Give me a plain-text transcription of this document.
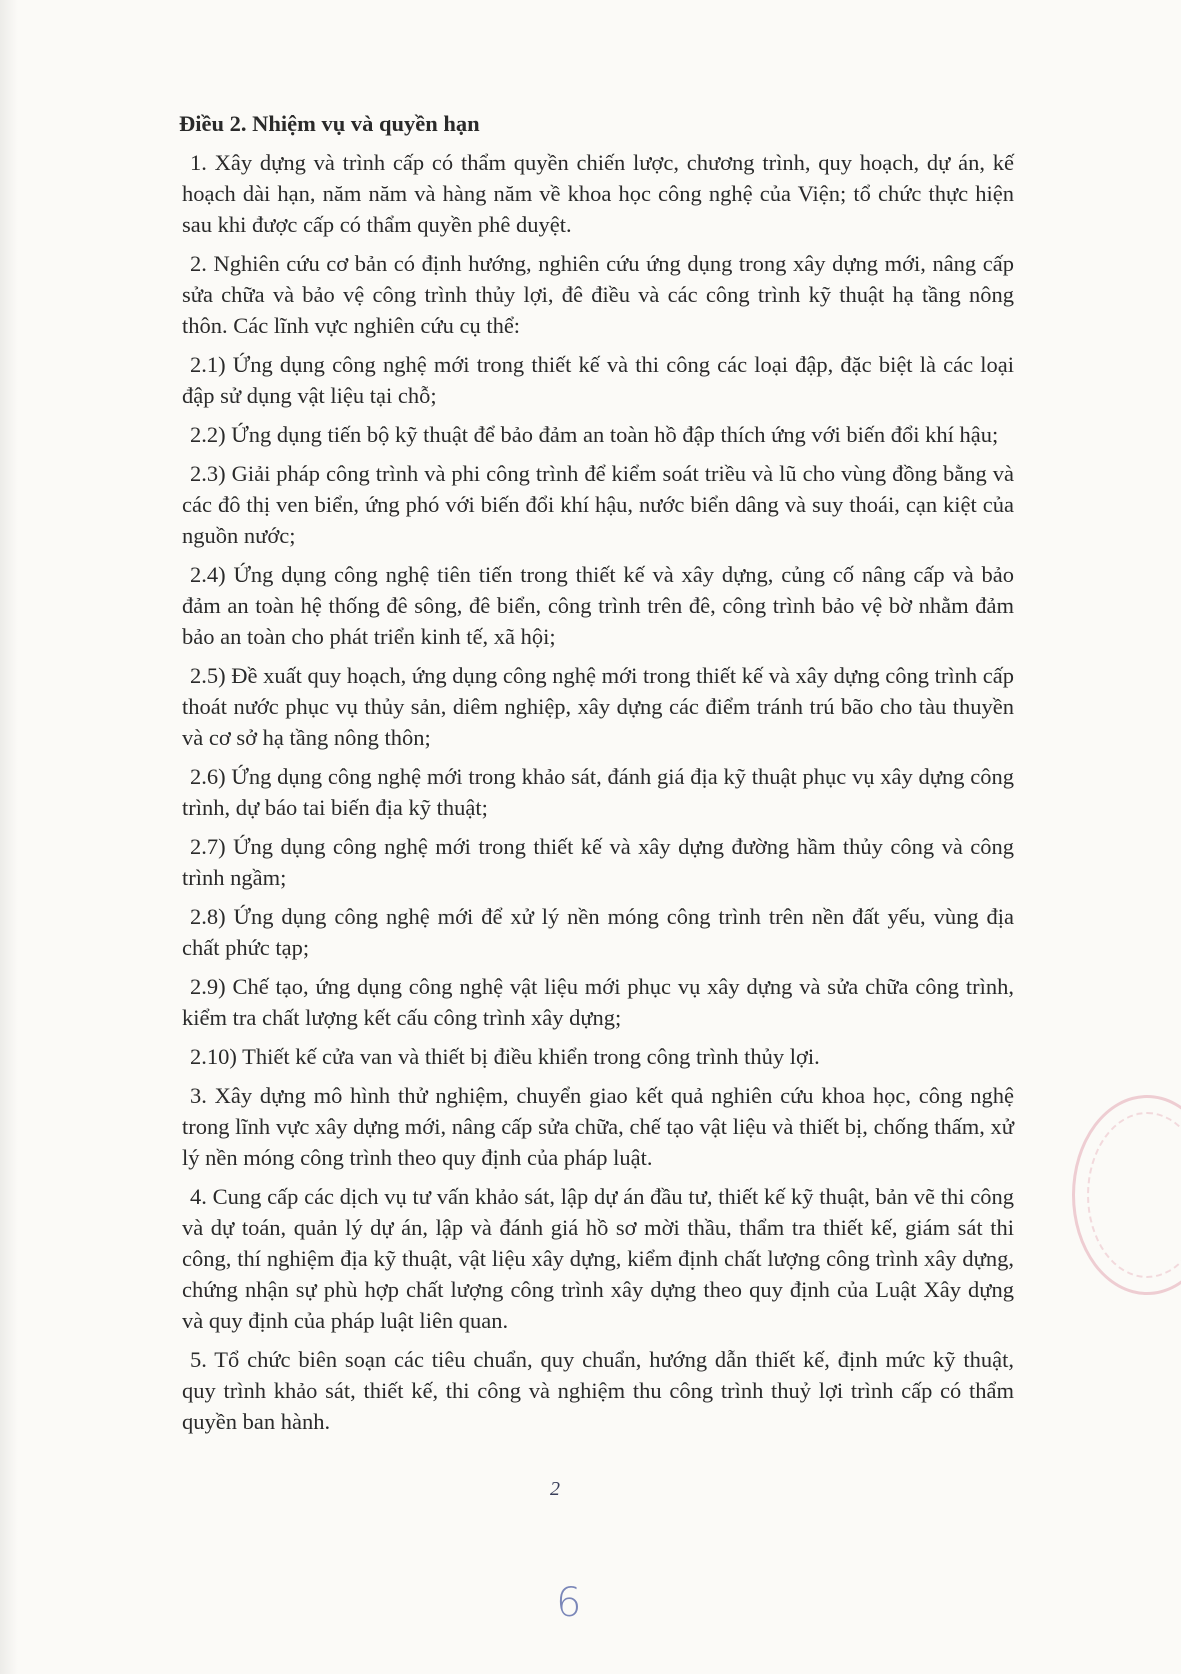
Điều 2. Nhiệm vụ và quyền hạn

1. Xây dựng và trình cấp có thẩm quyền chiến lược, chương trình, quy hoạch, dự án, kế hoạch dài hạn, năm năm và hàng năm về khoa học công nghệ của Viện; tổ chức thực hiện sau khi được cấp có thẩm quyền phê duyệt.

2. Nghiên cứu cơ bản có định hướng, nghiên cứu ứng dụng trong xây dựng mới, nâng cấp sửa chữa và bảo vệ công trình thủy lợi, đê điều và các công trình kỹ thuật hạ tầng nông thôn. Các lĩnh vực nghiên cứu cụ thể:

2.1) Ứng dụng công nghệ mới trong thiết kế và thi công các loại đập, đặc biệt là các loại đập sử dụng vật liệu tại chỗ;

2.2) Ứng dụng tiến bộ kỹ thuật để bảo đảm an toàn hồ đập thích ứng với biến đổi khí hậu;

2.3) Giải pháp công trình và phi công trình để kiểm soát triều và lũ cho vùng đồng bằng và các đô thị ven biển, ứng phó với biến đổi khí hậu, nước biển dâng và suy thoái, cạn kiệt của nguồn nước;

2.4) Ứng dụng công nghệ tiên tiến trong thiết kế và xây dựng, củng cố nâng cấp và bảo đảm an toàn hệ thống đê sông, đê biển, công trình trên đê, công trình bảo vệ bờ nhằm đảm bảo an toàn cho phát triển kinh tế, xã hội;

2.5) Đề xuất quy hoạch, ứng dụng công nghệ mới trong thiết kế và xây dựng công trình cấp thoát nước phục vụ thủy sản, diêm nghiệp, xây dựng các điểm tránh trú bão cho tàu thuyền và cơ sở hạ tầng nông thôn;

2.6) Ứng dụng công nghệ mới trong khảo sát, đánh giá địa kỹ thuật phục vụ xây dựng công trình, dự báo tai biến địa kỹ thuật;

2.7) Ứng dụng công nghệ mới trong thiết kế và xây dựng đường hầm thủy công và công trình ngầm;

2.8) Ứng dụng công nghệ mới để xử lý nền móng công trình trên nền đất yếu, vùng địa chất phức tạp;

2.9) Chế tạo, ứng dụng công nghệ vật liệu mới phục vụ xây dựng và sửa chữa công trình, kiểm tra chất lượng kết cấu công trình xây dựng;

2.10) Thiết kế cửa van và thiết bị điều khiển trong công trình thủy lợi.

3. Xây dựng mô hình thử nghiệm, chuyển giao kết quả nghiên cứu khoa học, công nghệ trong lĩnh vực xây dựng mới, nâng cấp sửa chữa, chế tạo vật liệu và thiết bị, chống thấm, xử lý nền móng công trình theo quy định của pháp luật.

4. Cung cấp các dịch vụ tư vấn khảo sát, lập dự án đầu tư, thiết kế kỹ thuật, bản vẽ thi công và dự toán, quản lý dự án, lập và đánh giá hồ sơ mời thầu, thẩm tra thiết kế, giám sát thi công, thí nghiệm địa kỹ thuật, vật liệu xây dựng, kiểm định chất lượng công trình xây dựng, chứng nhận sự phù hợp chất lượng công trình xây dựng theo quy định của Luật Xây dựng và quy định của pháp luật liên quan.

5. Tổ chức biên soạn các tiêu chuẩn, quy chuẩn, hướng dẫn thiết kế, định mức kỹ thuật, quy trình khảo sát, thiết kế, thi công và nghiệm thu công trình thuỷ lợi trình cấp có thẩm quyền ban hành.

2
6
